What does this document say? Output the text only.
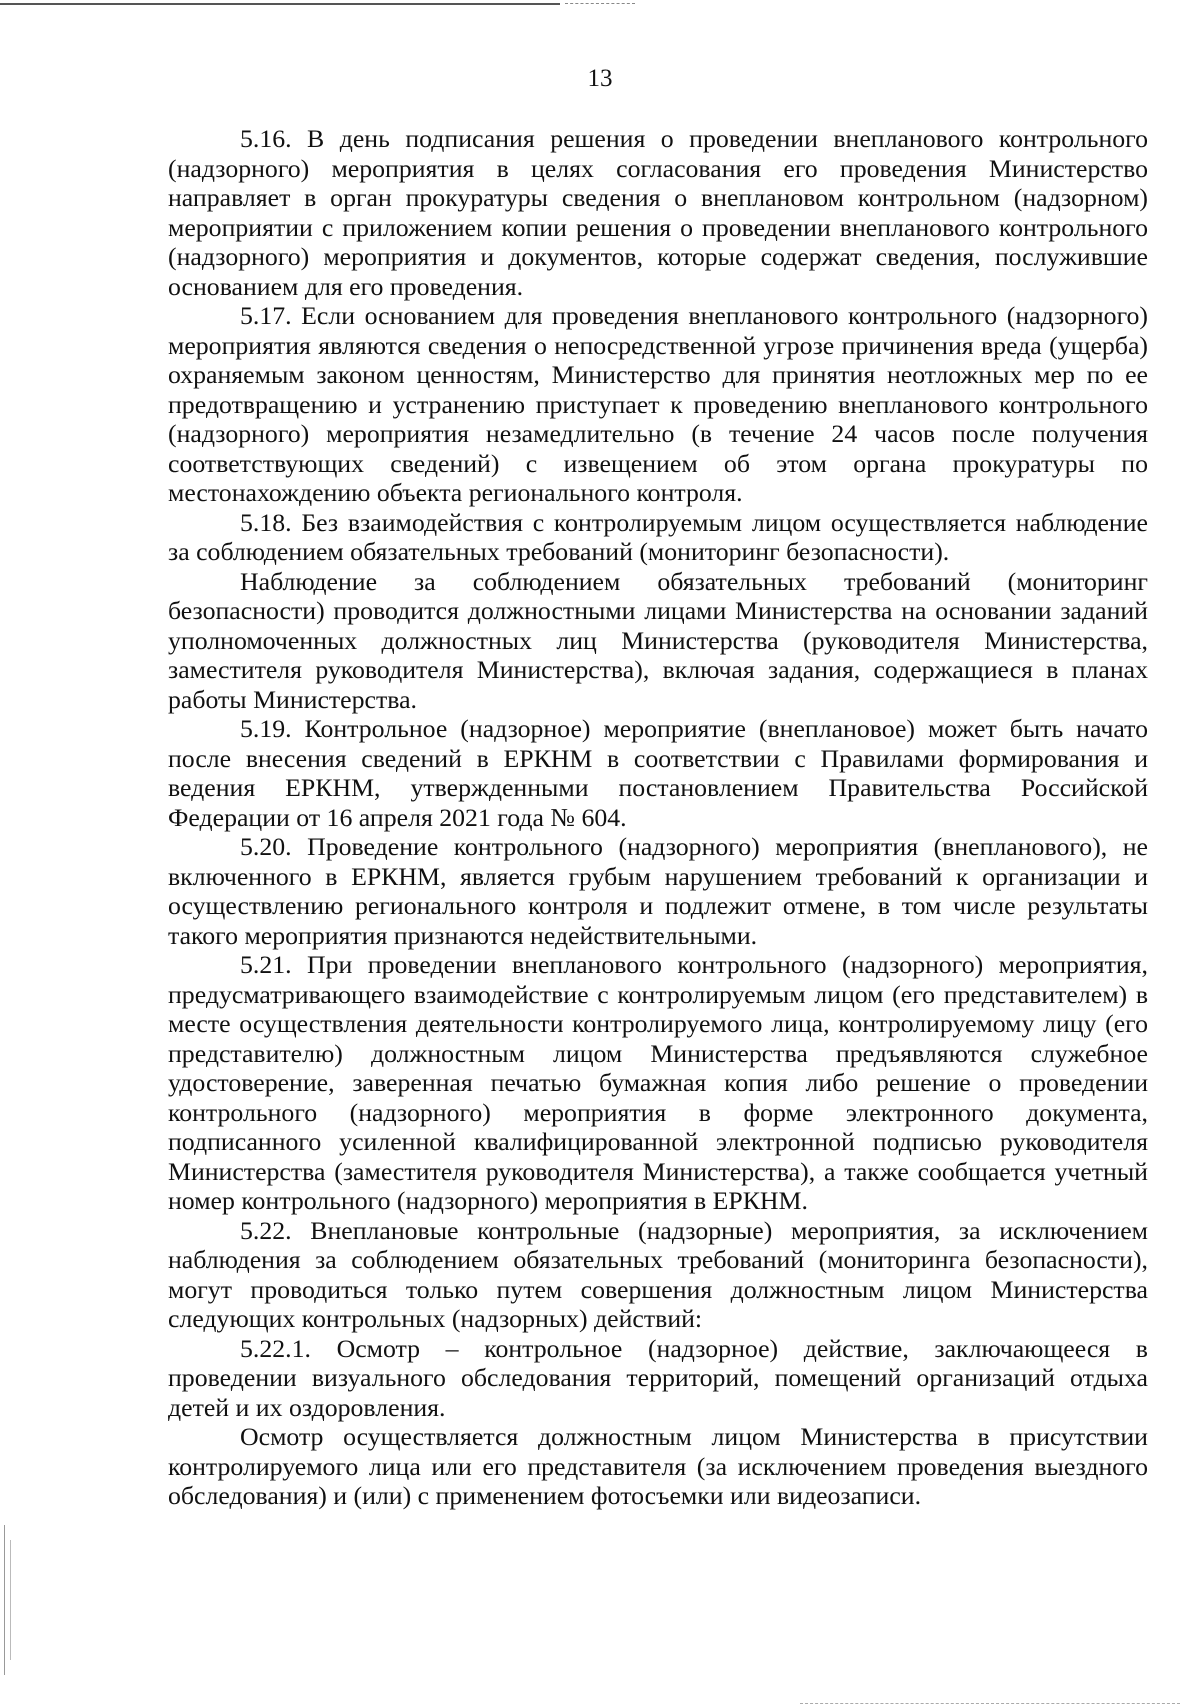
13

5.16. В день подписания решения о проведении внепланового контрольного (надзорного) мероприятия в целях согласования его проведения Министерство направляет в орган прокуратуры сведения о внеплановом контрольном (надзорном) мероприятии с приложением копии решения о проведении внепланового контрольного (надзорного) мероприятия и документов, которые содержат сведения, послужившие основанием для его проведения.

5.17. Если основанием для проведения внепланового контрольного (надзорного) мероприятия являются сведения о непосредственной угрозе причинения вреда (ущерба) охраняемым законом ценностям, Министерство для принятия неотложных мер по ее предотвращению и устранению приступает к проведению внепланового контрольного (надзорного) мероприятия незамедлительно (в течение 24 часов после получения соответствующих сведений) с извещением об этом органа прокуратуры по местонахождению объекта регионального контроля.

5.18. Без взаимодействия с контролируемым лицом осуществляется наблюдение за соблюдением обязательных требований (мониторинг безопасности).

Наблюдение за соблюдением обязательных требований (мониторинг безопасности) проводится должностными лицами Министерства на основании заданий уполномоченных должностных лиц Министерства (руководителя Министерства, заместителя руководителя Министерства), включая задания, содержащиеся в планах работы Министерства.

5.19. Контрольное (надзорное) мероприятие (внеплановое) может быть начато после внесения сведений в ЕРКНМ в соответствии с Правилами формирования и ведения ЕРКНМ, утвержденными постановлением Правительства Российской Федерации от 16 апреля 2021 года № 604.

5.20. Проведение контрольного (надзорного) мероприятия (внепланового), не включенного в ЕРКНМ, является грубым нарушением требований к организации и осуществлению регионального контроля и подлежит отмене, в том числе результаты такого мероприятия признаются недействительными.

5.21. При проведении внепланового контрольного (надзорного) мероприятия, предусматривающего взаимодействие с контролируемым лицом (его представителем) в месте осуществления деятельности контролируемого лица, контролируемому лицу (его представителю) должностным лицом Министерства предъявляются служебное удостоверение, заверенная печатью бумажная копия либо решение о проведении контрольного (надзорного) мероприятия в форме электронного документа, подписанного усиленной квалифицированной электронной подписью руководителя Министерства (заместителя руководителя Министерства), а также сообщается учетный номер контрольного (надзорного) мероприятия в ЕРКНМ.

5.22. Внеплановые контрольные (надзорные) мероприятия, за исключением наблюдения за соблюдением обязательных требований (мониторинга безопасности), могут проводиться только путем совершения должностным лицом Министерства следующих контрольных (надзорных) действий:

5.22.1. Осмотр – контрольное (надзорное) действие, заключающееся в проведении визуального обследования территорий, помещений организаций отдыха детей и их оздоровления.

Осмотр осуществляется должностным лицом Министерства в присутствии контролируемого лица или его представителя (за исключением проведения выездного обследования) и (или) с применением фотосъемки или видеозаписи.
